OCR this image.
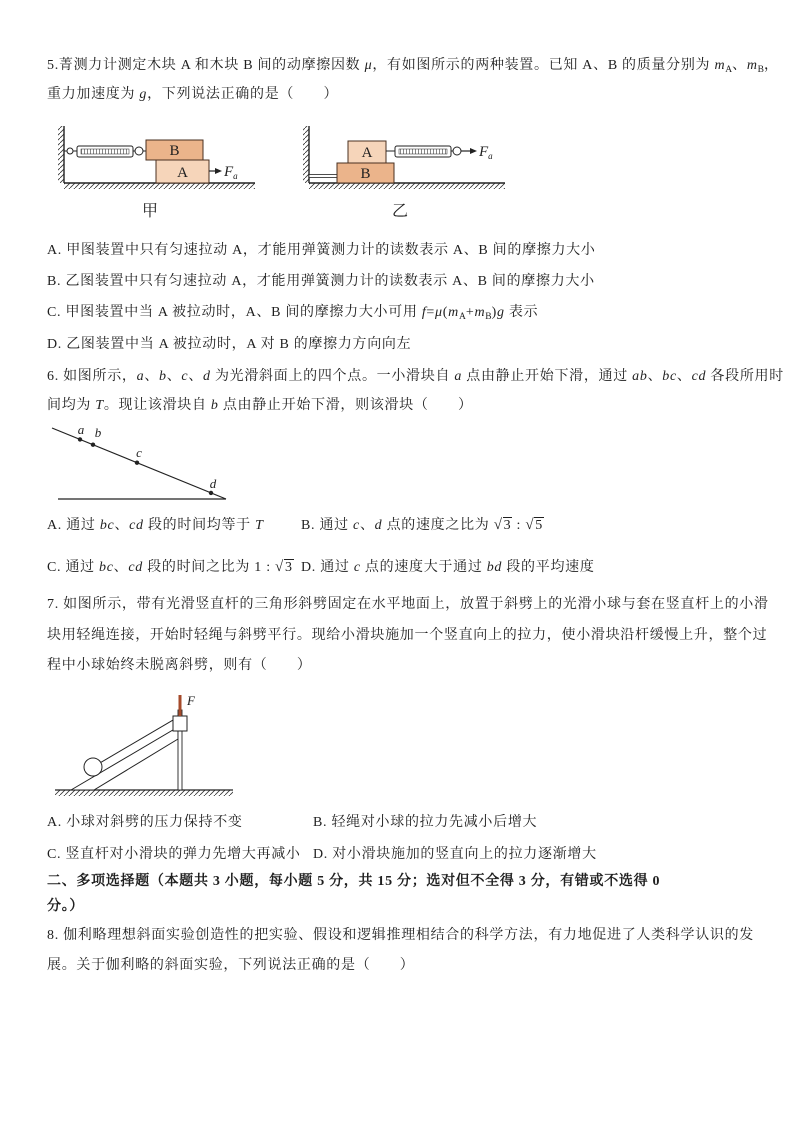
5.菁测力计测定木块 A 和木块 B 间的动摩擦因数 μ，有如图所示的两种装置。已知 A、B 的质量分别为 $m_A$、$m_B$，
重力加速度为 g，下列说法正确的是（　　）
B
A $F_a$
甲
A
B
$F_a$
乙
A. 甲图装置中只有匀速拉动 A，才能用弹簧测力计的读数表示 A、B 间的摩擦力大小
B. 乙图装置中只有匀速拉动 A，才能用弹簧测力计的读数表示 A、B 间的摩擦力大小
C. 甲图装置中当 A 被拉动时，A、B 间的摩擦力大小可用 $f=\mu(m_A+m_B)g$ 表示
D. 乙图装置中当 A 被拉动时，A 对 B 的摩擦力方向向左
6. 如图所示，a、b、c、d 为光滑斜面上的四个点。一小滑块自 a 点由静止开始下滑，通过 ab、bc、cd 各段所用时
间均为 T。现让该滑块自 b 点由静止开始下滑，则该滑块（　　）
a b
c
d
A. 通过 bc、cd 段的时间均等于 T	B. 通过 c、d 点的速度之比为 √3 : √5
C. 通过 bc、cd 段的时间之比为 1 : √3 D. 通过 c 点的速度大于通过 bd 段的平均速度
7. 如图所示，带有光滑竖直杆的三角形斜劈固定在水平地面上，放置于斜劈上的光滑小球与套在竖直杆上的小滑
块用轻绳连接，开始时轻绳与斜劈平行。现给小滑块施加一个竖直向上的拉力，使小滑块沿杆缓慢上升，整个过
程中小球始终未脱离斜劈，则有（　　）
F
A. 小球对斜劈的压力保持不变	B. 轻绳对小球的拉力先减小后增大
C. 竖直杆对小滑块的弹力先增大再减小 D. 对小滑块施加的竖直向上的拉力逐渐增大
二、多项选择题（本题共 3 小题，每小题 5 分，共 15 分；选对但不全得 3 分，有错或不选得 0
分。）
8. 伽利略理想斜面实验创造性的把实验、假设和逻辑推理相结合的科学方法，有力地促进了人类科学认识的发
展。关于伽利略的斜面实验，下列说法正确的是（　　）
